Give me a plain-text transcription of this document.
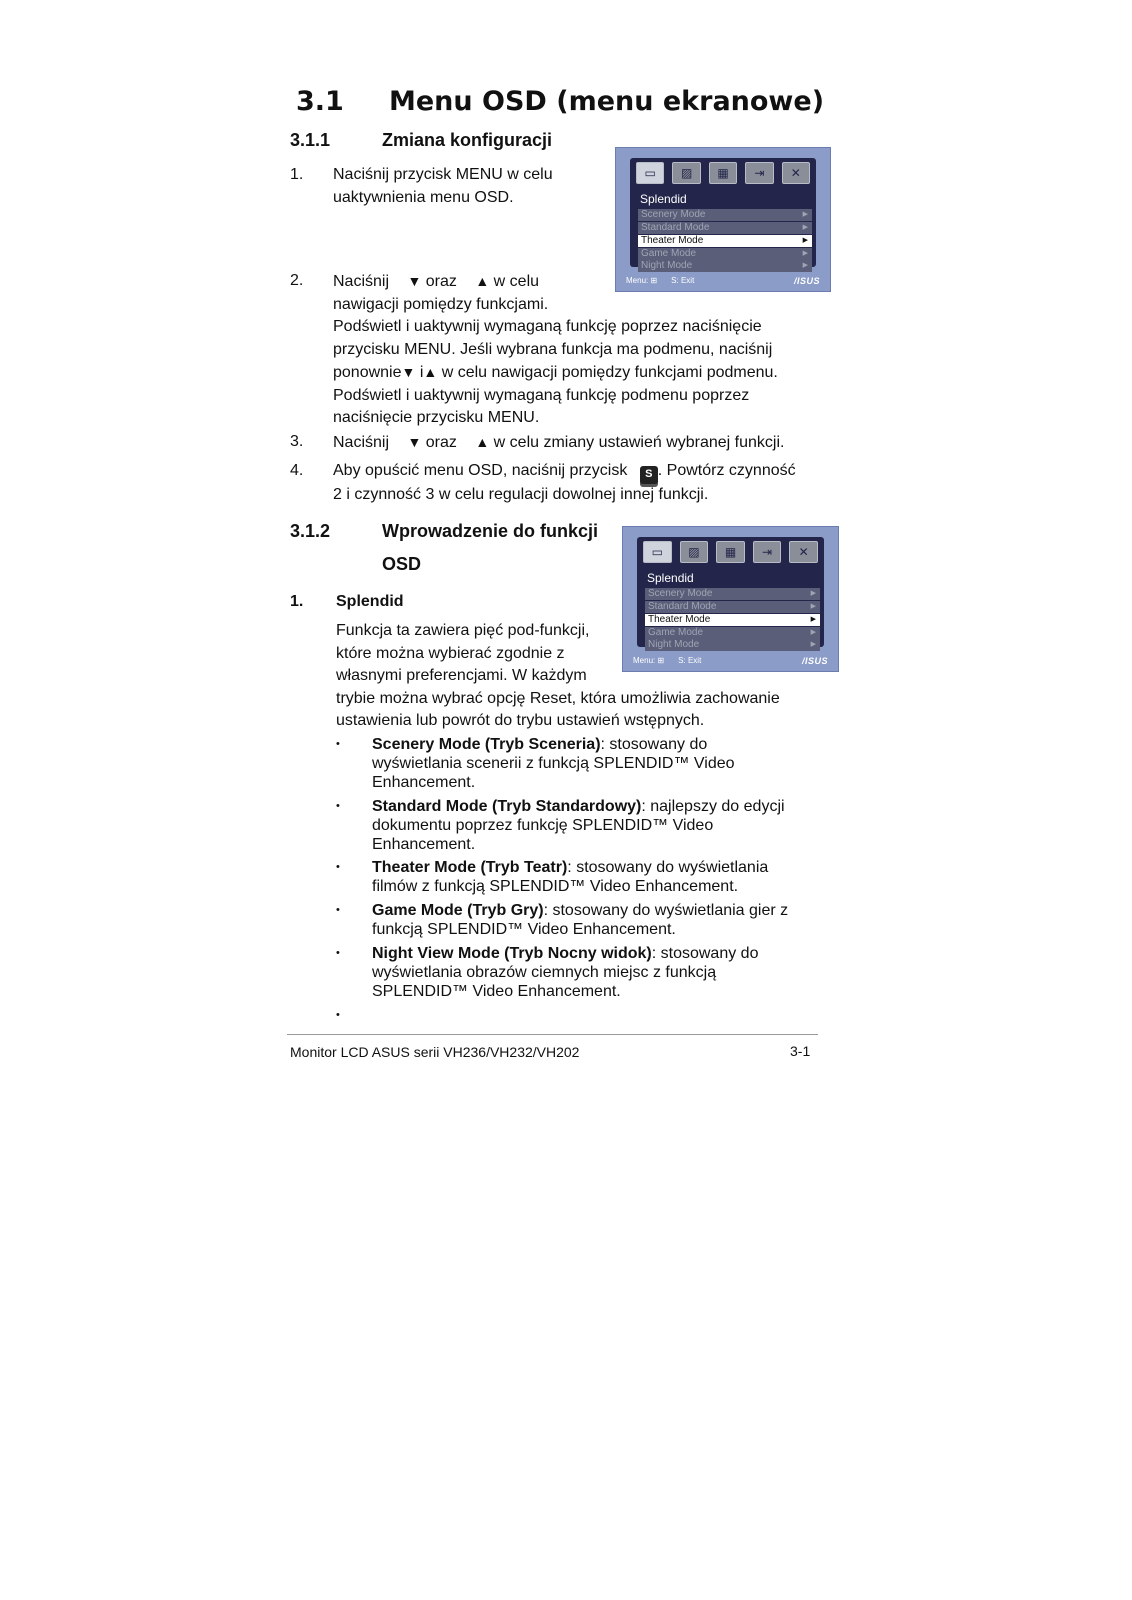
3.1 Menu OSD (menu ekranowe)
3.1.1	Zmiana konfiguracji
1. Naciśnij przycisk MENU w celu
uaktywnienia menu OSD.
▭	▨	▦	⇥	✕
Splendid
Scenery Mode	▶
Standard Mode	▶
Theater Mode	▶
Game Mode	▶
Night Mode	▶
Menu: ⊞ S: Exit	/ISUS
2. Naciśnij ▼ oraz ▲ w celu
nawigacji pomiędzy funkcjami.
Podświetl i uaktywnij wymaganą funkcję poprzez naciśnięcie
przycisku MENU. Jeśli wybrana funkcja ma podmenu, naciśnij
ponownie▼ i▲ w celu nawigacji pomiędzy funkcjami podmenu.
Podświetl i uaktywnij wymaganą funkcję podmenu poprzez
naciśnięcie przycisku MENU.
3. Naciśnij ▼ oraz ▲ w celu zmiany ustawień wybranej funkcji.
4. Aby opuścić menu OSD, naciśnij przycisk S . Powtórz czynność
2 i czynność 3 w celu regulacji dowolnej innej funkcji.
3.1.2	Wprowadzenie do funkcji
OSD
▭	▨	▦	⇥	✕
Splendid
Scenery Mode	▶
Standard Mode	▶
Theater Mode	▶
Game Mode	▶
Night Mode	▶
Menu: ⊞ S: Exit	/ISUS
1. Splendid
Funkcja ta zawiera pięć pod-funkcji,
które można wybierać zgodnie z
własnymi preferencjami. W każdym
trybie można wybrać opcję Reset, która umożliwia zachowanie
ustawienia lub powrót do trybu ustawień wstępnych.
• Scenery Mode (Tryb Sceneria): stosowany do
wyświetlania scenerii z funkcją SPLENDID™ Video
Enhancement.
• Standard Mode (Tryb Standardowy): najlepszy do edycji
dokumentu poprzez funkcję SPLENDID™ Video
Enhancement.
• Theater Mode (Tryb Teatr): stosowany do wyświetlania
filmów z funkcją SPLENDID™ Video Enhancement.
• Game Mode (Tryb Gry): stosowany do wyświetlania gier z
funkcją SPLENDID™ Video Enhancement.
• Night View Mode (Tryb Nocny widok): stosowany do
wyświetlania obrazów ciemnych miejsc z funkcją
SPLENDID™ Video Enhancement.
•
Monitor LCD ASUS serii VH236/VH232/VH202	3-1
